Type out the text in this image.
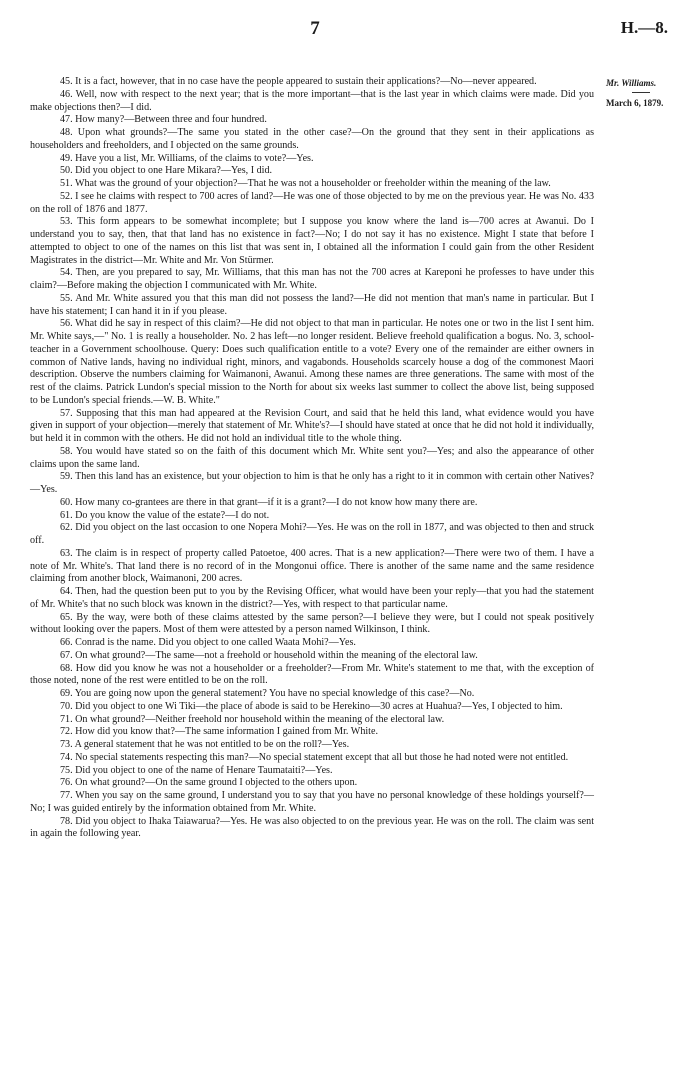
7	H.—8.
Mr. Williams.
March 6, 1879.

45. It is a fact, however, that in no case have the people appeared to sustain their applications?—No—never appeared.

46. Well, now with respect to the next year; that is the more important—that is the last year in which claims were made. Did you make objections then?—I did.

47. How many?—Between three and four hundred.

48. Upon what grounds?—The same you stated in the other case?—On the ground that they sent in their applications as householders and freeholders, and I objected on the same grounds.

49. Have you a list, Mr. Williams, of the claims to vote?—Yes.

50. Did you object to one Hare Mikara?—Yes, I did.

51. What was the ground of your objection?—That he was not a householder or freeholder within the meaning of the law.

52. I see he claims with respect to 700 acres of land?—He was one of those objected to by me on the previous year. He was No. 433 on the roll of 1876 and 1877.

53. This form appears to be somewhat incomplete; but I suppose you know where the land is—700 acres at Awanui. Do I understand you to say, then, that that land has no existence in fact?—No; I do not say it has no existence. Might I state that before I attempted to object to one of the names on this list that was sent in, I obtained all the information I could gain from the other Resident Magistrates in the district—Mr. White and Mr. Von Stürmer.

54. Then, are you prepared to say, Mr. Williams, that this man has not the 700 acres at Kareponi he professes to have under this claim?—Before making the objection I communicated with Mr. White.

55. And Mr. White assured you that this man did not possess the land?—He did not mention that man's name in particular. But I have his statement; I can hand it in if you please.

56. What did he say in respect of this claim?—He did not object to that man in particular. He notes one or two in the list I sent him. Mr. White says,—" No. 1 is really a householder. No. 2 has left—no longer resident. Believe freehold qualification a bogus. No. 3, school-teacher in a Government schoolhouse. Query: Does such qualification entitle to a vote? Every one of the remainder are either owners in common of Native lands, having no individual right, minors, and vagabonds. Households scarcely house a dog of the commonest Maori description. Observe the numbers claiming for Waimanoni, Awanui. Among these names are three generations. The same with most of the rest of the claims. Patrick Lundon's special mission to the North for about six weeks last summer to collect the above list, being supposed to be Lundon's special friends.—W. B. White."

57. Supposing that this man had appeared at the Revision Court, and said that he held this land, what evidence would you have given in support of your objection—merely that statement of Mr. White's?—I should have stated at once that he did not hold it individually, but held it in common with the others. He did not hold an individual title to the whole thing.

58. You would have stated so on the faith of this document which Mr. White sent you?—Yes; and also the appearance of other claims upon the same land.

59. Then this land has an existence, but your objection to him is that he only has a right to it in common with certain other Natives?—Yes.

60. How many co-grantees are there in that grant—if it is a grant?—I do not know how many there are.

61. Do you know the value of the estate?—I do not.

62. Did you object on the last occasion to one Nopera Mohi?—Yes. He was on the roll in 1877, and was objected to then and struck off.

63. The claim is in respect of property called Patoetoe, 400 acres. That is a new application?—There were two of them. I have a note of Mr. White's. That land there is no record of in the Mongonui office. There is another of the same name and the same residence claiming from another block, Waimanoni, 200 acres.

64. Then, had the question been put to you by the Revising Officer, what would have been your reply—that you had the statement of Mr. White's that no such block was known in the district?—Yes, with respect to that particular name.

65. By the way, were both of these claims attested by the same person?—I believe they were, but I could not speak positively without looking over the papers. Most of them were attested by a person named Wilkinson, I think.

66. Conrad is the name. Did you object to one called Waata Mohi?—Yes.

67. On what ground?—The same—not a freehold or household within the meaning of the electoral law.

68. How did you know he was not a householder or a freeholder?—From Mr. White's statement to me that, with the exception of those noted, none of the rest were entitled to be on the roll.

69. You are going now upon the general statement? You have no special knowledge of this case?—No.

70. Did you object to one Wi Tiki—the place of abode is said to be Herekino—30 acres at Huahua?—Yes, I objected to him.

71. On what ground?—Neither freehold nor household within the meaning of the electoral law.

72. How did you know that?—The same information I gained from Mr. White.

73. A general statement that he was not entitled to be on the roll?—Yes.

74. No special statements respecting this man?—No special statement except that all but those he had noted were not entitled.

75. Did you object to one of the name of Henare Taumataiti?—Yes.

76. On what ground?—On the same ground I objected to the others upon.

77. When you say on the same ground, I understand you to say that you have no personal knowledge of these holdings yourself?—No; I was guided entirely by the information obtained from Mr. White.

78. Did you object to Ihaka Taiawarua?—Yes. He was also objected to on the previous year. He was on the roll. The claim was sent in again the following year.
